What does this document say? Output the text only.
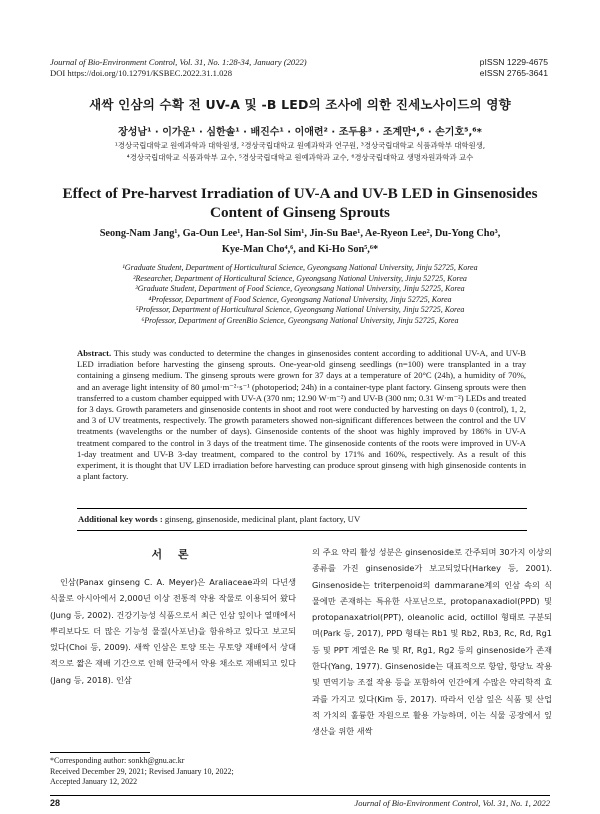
Journal of Bio-Environment Control, Vol. 31, No. 1:28-34, January (2022)
DOI https://doi.org/10.12791/KSBEC.2022.31.1.028
pISSN 1229-4675
eISSN 2765-3641
새싹 인삼의 수확 전 UV-A 및 -B LED의 조사에 의한 진세노사이드의 영향
장성남¹ · 이가운¹ · 심한솔¹ · 배진수¹ · 이애련² · 조두용³ · 조계만⁴,⁶ · 손기호⁵,⁶*
¹경상국립대학교 원예과학과 대학원생, ²경상국립대학교 원예과학과 연구원, ³경상국립대학교 식품과학부 대학원생,
⁴경상국립대학교 식품과학부 교수, ⁵경상국립대학교 원예과학과 교수, ⁶경상국립대학교 생명자원과학과 교수
Effect of Pre-harvest Irradiation of UV-A and UV-B LED in Ginsenosides
Content of Ginseng Sprouts
Seong-Nam Jang¹, Ga-Oun Lee¹, Han-Sol Sim¹, Jin-Su Bae¹, Ae-Ryeon Lee², Du-Yong Cho³,
Kye-Man Cho⁴,⁶, and Ki-Ho Son⁵,⁶*
¹Graduate Student, Department of Horticultural Science, Gyeongsang National University, Jinju 52725, Korea
²Researcher, Department of Horticultural Science, Gyeongsang National University, Jinju 52725, Korea
³Graduate Student, Department of Food Science, Gyeongsang National University, Jinju 52725, Korea
⁴Professor, Department of Food Science, Gyeongsang National University, Jinju 52725, Korea
⁵Professor, Department of Horticultural Science, Gyeongsang National University, Jinju 52725, Korea
⁶Professor, Department of GreenBio Science, Gyeongsang National University, Jinju 52725, Korea
Abstract. This study was conducted to determine the changes in ginsenosides content according to additional UV-A, and UV-B LED irradiation before harvesting the ginseng sprouts. One-year-old ginseng seedlings (n=100) were transplanted in a tray containing a ginseng medium. The ginseng sprouts were grown for 37 days at a temperature of 20°C (24h), a humidity of 70%, and an average light intensity of 80 μmol·m⁻²·s⁻¹ (photoperiod; 24h) in a container-type plant factory. Ginseng sprouts were then transferred to a custom chamber equipped with UV-A (370 nm; 12.90 W·m⁻²) and UV-B (300 nm; 0.31 W·m⁻²) LEDs and treated for 3 days. Growth parameters and ginsenoside contents in shoot and root were conducted by harvesting on days 0 (control), 1, 2, and 3 of UV treatments, respectively. The growth parameters showed non-significant differences between the control and the UV treatments (wavelengths or the number of days). Ginsenoside contents of the shoot was highly improved by 186% in UV-A treatment compared to the control in 3 days of the treatment time. The ginsenoside contents of the roots were improved in UV-A 1-day treatment and UV-B 3-day treatment, compared to the control by 171% and 160%, respectively. As a result of this experiment, it is thought that UV LED irradiation before harvesting can produce sprout ginseng with high ginsenoside contents in a plant factory.
Additional key words : ginseng, ginsenoside, medicinal plant, plant factory, UV
서 론
인삼(Panax ginseng C. A. Meyer)은 Araliaceae과의 다년생 식물로 아시아에서 2,000년 이상 전통적 약용 작물로 이용되어 왔다(Jung 등, 2002). 건강기능성 식품으로서 최근 인삼 잎이나 열매에서 뿌리보다도 더 많은 기능성 물질(사포닌)을 함유하고 있다고 보고되었다(Choi 등, 2009). 새싹 인삼은 토양 또는 무토양 재배에서 상대적으로 짧은 재배 기간으로 인해 한국에서 약용 채소로 재배되고 있다(Jang 등, 2018). 인삼
의 주요 약리 활성 성분은 ginsenoside로 간주되며 30가지 이상의 종류를 가진 ginsenoside가 보고되었다(Harkey 등, 2001). Ginsenoside는 triterpenoid의 dammarane계의 인삼 속의 식물에만 존재하는 특유한 사포닌으로, protopanaxadiol(PPD) 및 protopanaxatriol(PPT), oleanolic acid, octillol 형태로 구분되며(Park 등, 2017), PPD 형태는 Rb1 및 Rb2, Rb3, Rc, Rd, Rg1 등 및 PPT 계열은 Re 및 Rf, Rg1, Rg2 등의 ginsenoside가 존재한다(Yang, 1977). Ginsenoside는 대표적으로 항암, 항당뇨 작용 및 면역기능 조절 작용 등을 포함하여 인간에게 수많은 약리학적 효과를 가지고 있다(Kim 등, 2017). 따라서 인삼 잎은 식품 및 산업적 가치의 훌륭한 자원으로 활용 가능하며, 이는 식물 공장에서 잎 생산을 위한 새싹
*Corresponding author: sonkh@gnu.ac.kr
Received December 29, 2021; Revised January 10, 2022;
Accepted January 12, 2022
28	Journal of Bio-Environment Control, Vol. 31, No. 1, 2022
